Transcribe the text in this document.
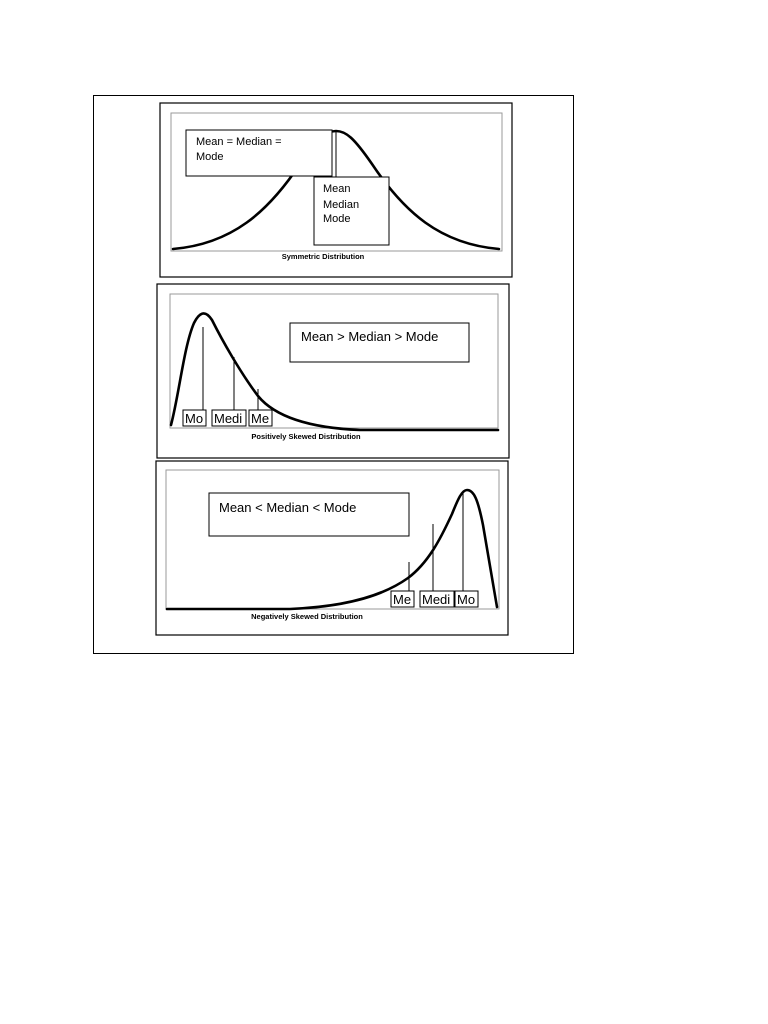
Mean = Median =
Mode
Mean
Median
Mode
Symmetric Distribution
Mean > Median > Mode
Mo Medi Me
Positively Skewed Distribution
Mean < Median < Mode
Me Medi Mo
Negatively Skewed Distribution
